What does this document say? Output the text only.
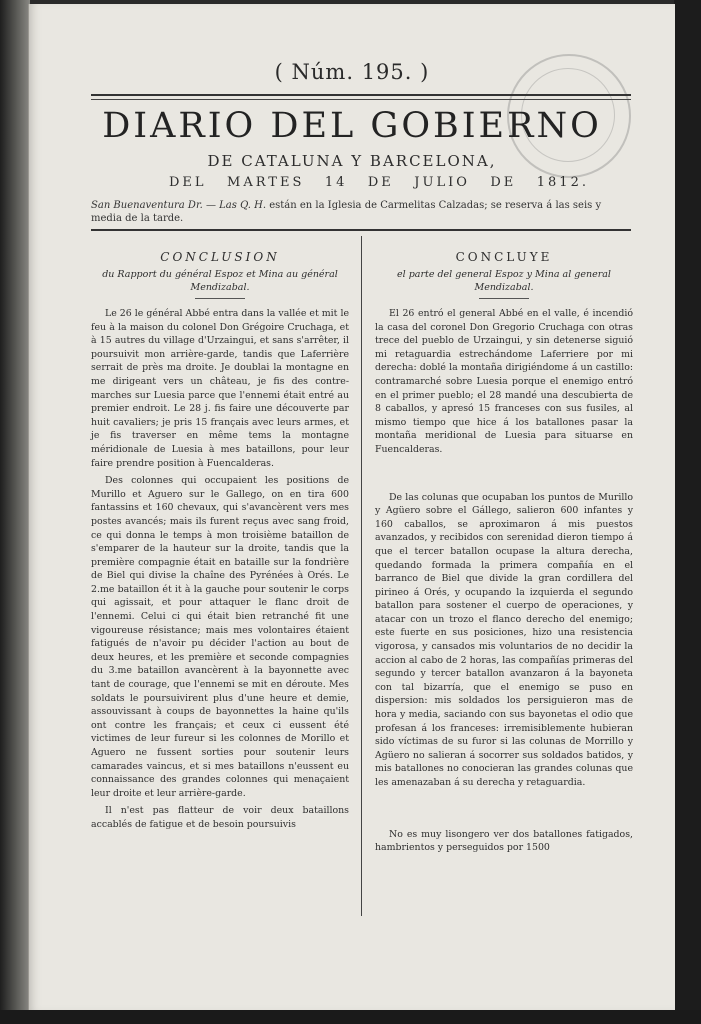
( Núm. 195. )
DIARIO DEL GOBIERNO
DE CATALUNA Y BARCELONA,
DEL MARTES 14 DE JULIO DE 1812.
San Buenaventura Dr. — Las Q. H. están en la Iglesia de Carmelitas Calzadas; se reserva á las seis y media de la tarde.
CONCLUSION
du Rapport du général Espoz et Mina au général Mendizabal.

Le 26 le général Abbé entra dans la vallée et mit le feu à la maison du colonel Don Grégoire Cruchaga, et à 15 autres du village d'Urzaingui, et sans s'arrêter, il poursuivit mon arrière-garde, tandis que Laferrière serrait de près ma droite. Je doublai la montagne en me dirigeant vers un château, je fis des contre-marches sur Luesia parce que l'ennemi était entré au premier endroit. Le 28 j. fis faire une découverte par huit cavaliers; je pris 15 français avec leurs armes, et je fis traverser en même tems la montagne méridionale de Luesia à mes bataillons, pour leur faire prendre position à Fuencalderas.

Des colonnes qui occupaient les positions de Murillo et Aguero sur le Gallego, on en tira 600 fantassins et 160 chevaux, qui s'avancèrent vers mes postes avancés; mais ils furent reçus avec sang froid, ce qui donna le temps à mon troisième bataillon de s'emparer de la hauteur sur la droite, tandis que la première compagnie était en bataille sur la fondrière de Biel qui divise la chaîne des Pyrénées à Orés. Le 2.me bataillon ét it à la gauche pour soutenir le corps qui agissait, et pour attaquer le flanc droit de l'ennemi. Celui ci qui était bien retranché fit une vigoureuse résistance; mais mes volontaires étaient fatigués de n'avoir pu décider l'action au bout de deux heures, et les première et seconde compagnies du 3.me bataillon avancèrent à la bayonnette avec tant de courage, que l'ennemi se mit en déroute. Mes soldats le poursuivirent plus d'une heure et demie, assouvissant à coups de bayonnettes la haine qu'ils ont contre les français; et ceux ci eussent été victimes de leur fureur si les colonnes de Morillo et Aguero ne fussent sorties pour soutenir leurs camarades vaincus, et si mes bataillons n'eussent eu connaissance des grandes colonnes qui menaçaient leur droite et leur arrière-garde.

Il n'est pas flatteur de voir deux bataillons accablés de fatigue et de besoin poursuivis

CONCLUYE
el parte del general Espoz y Mina al general Mendizabal.

El 26 entró el general Abbé en el valle, é incendió la casa del coronel Don Gregorio Cruchaga con otras trece del pueblo de Urzaingui, y sin detenerse siguió mi retaguardia estrechándome Laferriere por mi derecha: doblé la montaña dirigiéndome á un castillo: contramarché sobre Luesia porque el enemigo entró en el primer pueblo; el 28 mandé una descubierta de 8 caballos, y apresó 15 franceses con sus fusiles, al mismo tiempo que hice á los batallones pasar la montaña meridional de Luesia para situarse en Fuencalderas.

De las colunas que ocupaban los puntos de Murillo y Agüero sobre el Gállego, salieron 600 infantes y 160 caballos, se aproximaron á mis puestos avanzados, y recibidos con serenidad dieron tiempo á que el tercer batallon ocupase la altura derecha, quedando formada la primera compañía en el barranco de Biel que divide la gran cordillera del pirineo á Orés, y ocupando la izquierda el segundo batallon para sostener el cuerpo de operaciones, y atacar con un trozo el flanco derecho del enemigo; este fuerte en sus posiciones, hizo una resistencia vigorosa, y cansados mis voluntarios de no decidir la accion al cabo de 2 horas, las compañías primeras del segundo y tercer batallon avanzaron á la bayoneta con tal bizarría, que el enemigo se puso en dispersion: mis soldados los persiguieron mas de hora y media, saciando con sus bayonetas el odio que profesan á los franceses: irremisiblemente hubieran sido víctimas de su furor si las colunas de Morrillo y Agüero no salieran á socorrer sus soldados batidos, y mis batallones no conocieran las grandes colunas que les amenazaban á su derecha y retaguardia.

No es muy lisongero ver dos batallones fatigados, hambrientos y perseguidos por 1500
